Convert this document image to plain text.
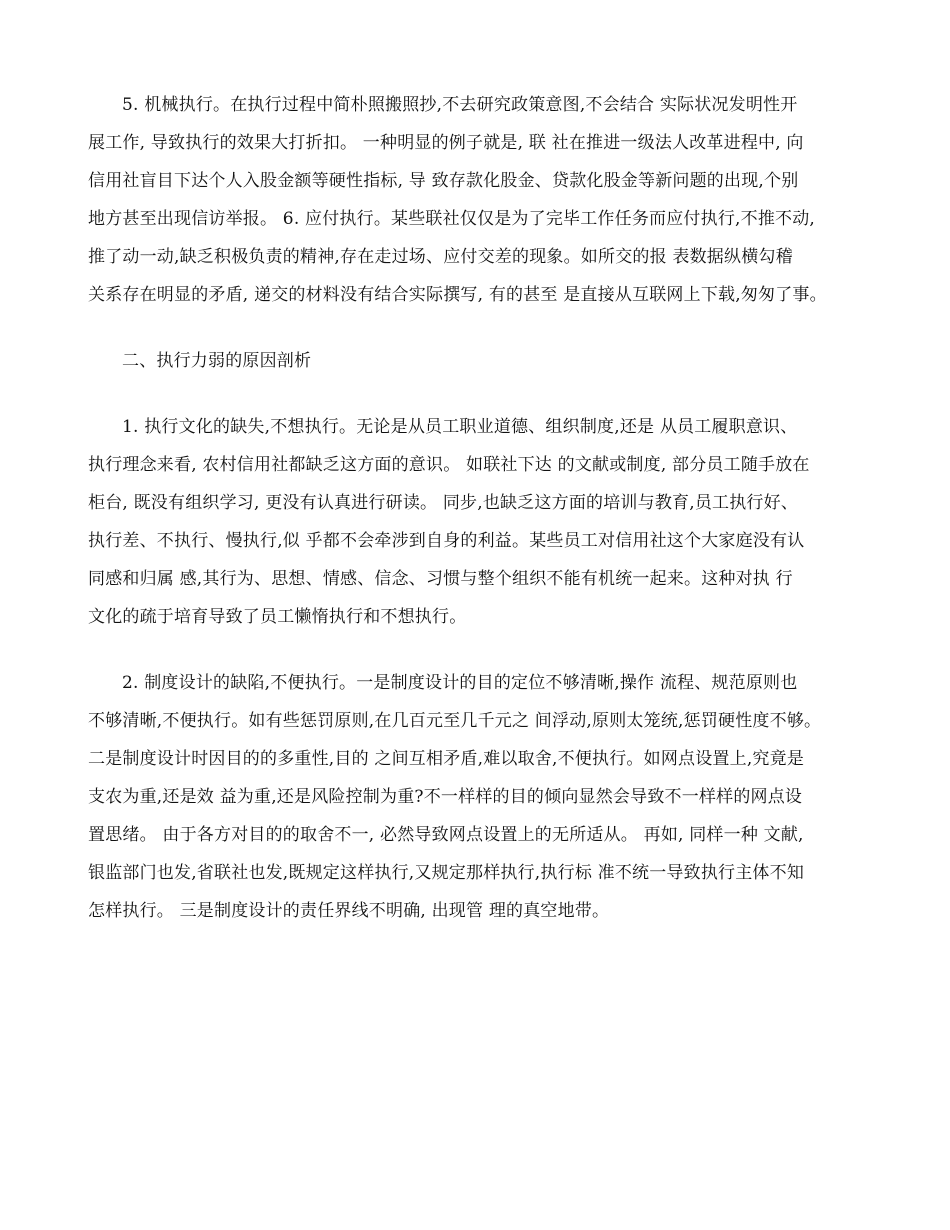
5. 机械执行。在执行过程中简朴照搬照抄,不去研究政策意图,不会结合 实际状况发明性开
展工作, 导致执行的效果大打折扣。 一种明显的例子就是, 联 社在推进一级法人改革进程中, 向
信用社盲目下达个人入股金额等硬性指标, 导 致存款化股金、贷款化股金等新问题的出现,个别
地方甚至出现信访举报。 6. 应付执行。某些联社仅仅是为了完毕工作任务而应付执行,不推不动,
推了动一动,缺乏积极负责的精神,存在走过场、应付交差的现象。如所交的报 表数据纵横勾稽
关系存在明显的矛盾, 递交的材料没有结合实际撰写, 有的甚至 是直接从互联网上下载,匆匆了事。

二、执行力弱的原因剖析

1. 执行文化的缺失,不想执行。无论是从员工职业道德、组织制度,还是 从员工履职意识、
执行理念来看, 农村信用社都缺乏这方面的意识。 如联社下达 的文献或制度, 部分员工随手放在
柜台, 既没有组织学习, 更没有认真进行研读。 同步,也缺乏这方面的培训与教育,员工执行好、
执行差、不执行、慢执行,似 乎都不会牵涉到自身的利益。某些员工对信用社这个大家庭没有认
同感和归属 感,其行为、思想、情感、信念、习惯与整个组织不能有机统一起来。这种对执 行
文化的疏于培育导致了员工懒惰执行和不想执行。

2. 制度设计的缺陷,不便执行。一是制度设计的目的定位不够清晰,操作 流程、规范原则也
不够清晰,不便执行。如有些惩罚原则,在几百元至几千元之 间浮动,原则太笼统,惩罚硬性度不够。
二是制度设计时因目的的多重性,目的 之间互相矛盾,难以取舍,不便执行。如网点设置上,究竟是
支农为重,还是效 益为重,还是风险控制为重?不一样样的目的倾向显然会导致不一样样的网点设
置思绪。 由于各方对目的的取舍不一, 必然导致网点设置上的无所适从。 再如, 同样一种 文献,
银监部门也发,省联社也发,既规定这样执行,又规定那样执行,执行标 准不统一导致执行主体不知
怎样执行。 三是制度设计的责任界线不明确, 出现管 理的真空地带。
